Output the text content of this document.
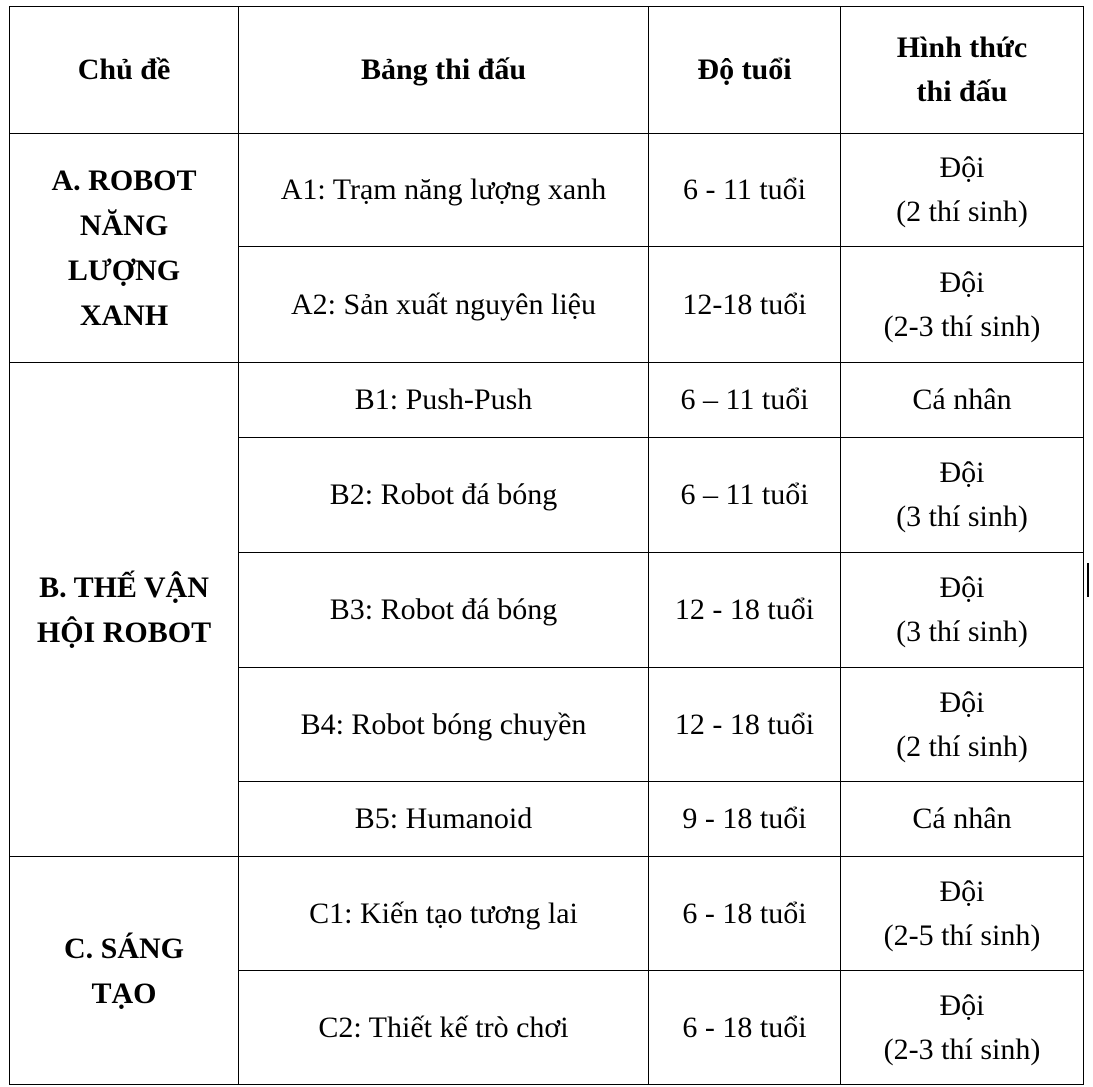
Chủ đề	Bảng thi đấu	Độ tuổi	Hình thức
thi đấu

A. ROBOT
NĂNG
LƯỢNG
XANH	A1: Trạm năng lượng xanh	6 - 11 tuổi	Đội
(2 thí sinh)

	A2: Sản xuất nguyên liệu	12-18 tuổi	Đội
(2-3 thí sinh)

B. THẾ VẬN
HỘI ROBOT	B1: Push-Push	6 – 11 tuổi	Cá nhân

	B2: Robot đá bóng	6 – 11 tuổi	Đội
(3 thí sinh)

	B3: Robot đá bóng	12 - 18 tuổi	Đội
(3 thí sinh)

	B4: Robot bóng chuyền	12 - 18 tuổi	Đội
(2 thí sinh)

	B5: Humanoid	9 - 18 tuổi	Cá nhân

C. SÁNG
TẠO	C1: Kiến tạo tương lai	6 - 18 tuổi	Đội
(2-5 thí sinh)

	C2: Thiết kế trò chơi	6 - 18 tuổi	Đội
(2-3 thí sinh)
